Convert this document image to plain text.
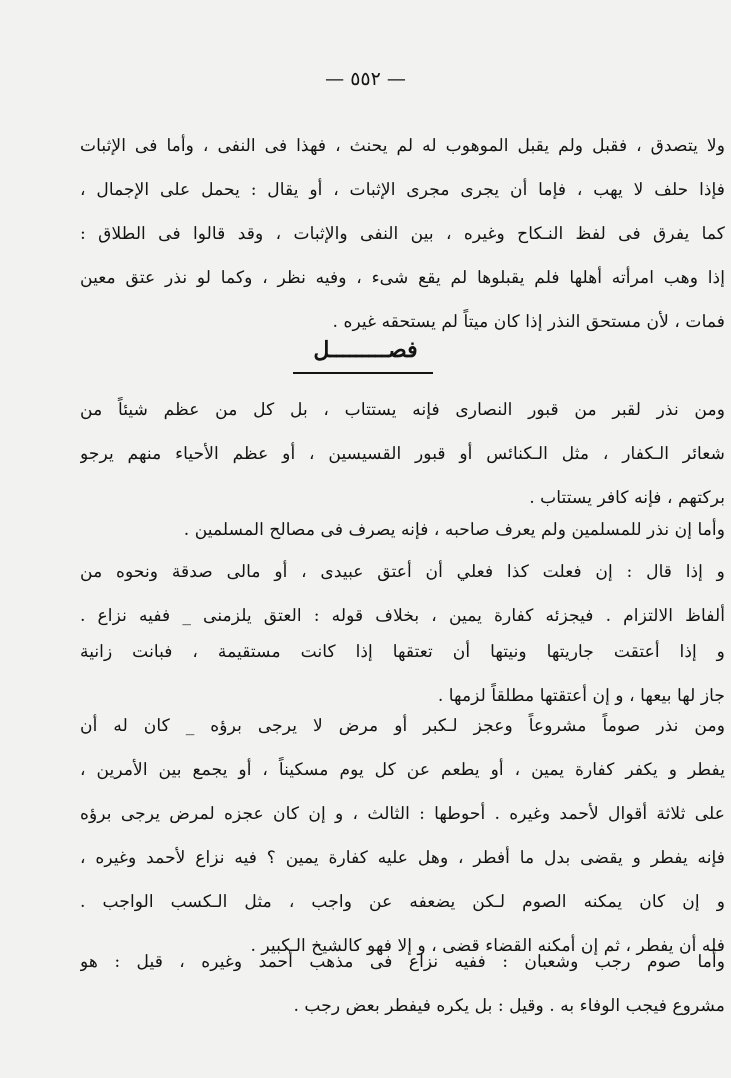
— ٥٥٢ —
ولا يتصدق ، فقبل ولم يقبل الموهوب له لم يحنث ، فهذا فى النفى ، وأما فى الإثبات
فإذا حلف لا يهب ، فإما أن يجرى مجرى الإثبات ، أو يقال : يحمل على الإجمال ،
كما يفرق فى لفظ النـكاح وغيره ، بين النفى والإثبات ، وقد قالوا فى الطلاق :
إذا وهب امرأته أهلها فلم يقبلوها لم يقع شىء ، وفيه نظر ، وكما لو نذر عتق معين
فمات ، لأن مستحق النذر إذا كان ميتاً لم يستحقه غيره .
فصـــــــــل
ومن نذر لقبر من قبور النصارى فإنه يستتاب ، بل كل من عظم شيئاً من
شعائر الـكفار ، مثل الـكنائس أو قبور القسيسين ، أو عظم الأحياء منهم يرجو
بركتهم ، فإنه كافر يستتاب .
وأما إن نذر للمسلمين ولم يعرف صاحبه ، فإنه يصرف فى مصالح المسلمين .
و إذا قال : إن فعلت كذا فعلي أن أعتق عبيدى ، أو مالى صدقة ونحوه من
ألفاظ الالتزام . فيجزئه كفارة يمين ، بخلاف قوله : العتق يلزمنى _ ففيه نزاع .
و إذا أعتقت جاريتها ونيتها أن تعتقها إذا كانت مستقيمة ، فبانت زانية
جاز لها بيعها ، و إن أعتقتها مطلقاً لزمها .
ومن نذر صوماً مشروعاً وعجز لـكبر أو مرض لا يرجى برؤه _ كان له أن
يفطر و يكفر كفارة يمين ، أو يطعم عن كل يوم مسكيناً ، أو يجمع بين الأمرين ،
على ثلاثة أقوال لأحمد وغيره . أحوطها : الثالث ، و إن كان عجزه لمرض يرجى برؤه
فإنه يفطر و يقضى بدل ما أفطر ، وهل عليه كفارة يمين ؟ فيه نزاع لأحمد وغيره ،
و إن كان يمكنه الصوم لـكن يضعفه عن واجب ، مثل الـكسب الواجب .
فله أن يفطر ، ثم إن أمكنه القضاء قضى ، و إلا فهو كالشيخ الـكبير .
وأما صوم رجب وشعبان : ففيه نزاع فى مذهب أحمد وغيره ، قيل : هو
مشروع فيجب الوفاء به . وقيل : بل يكره فيفطر بعض رجب .
